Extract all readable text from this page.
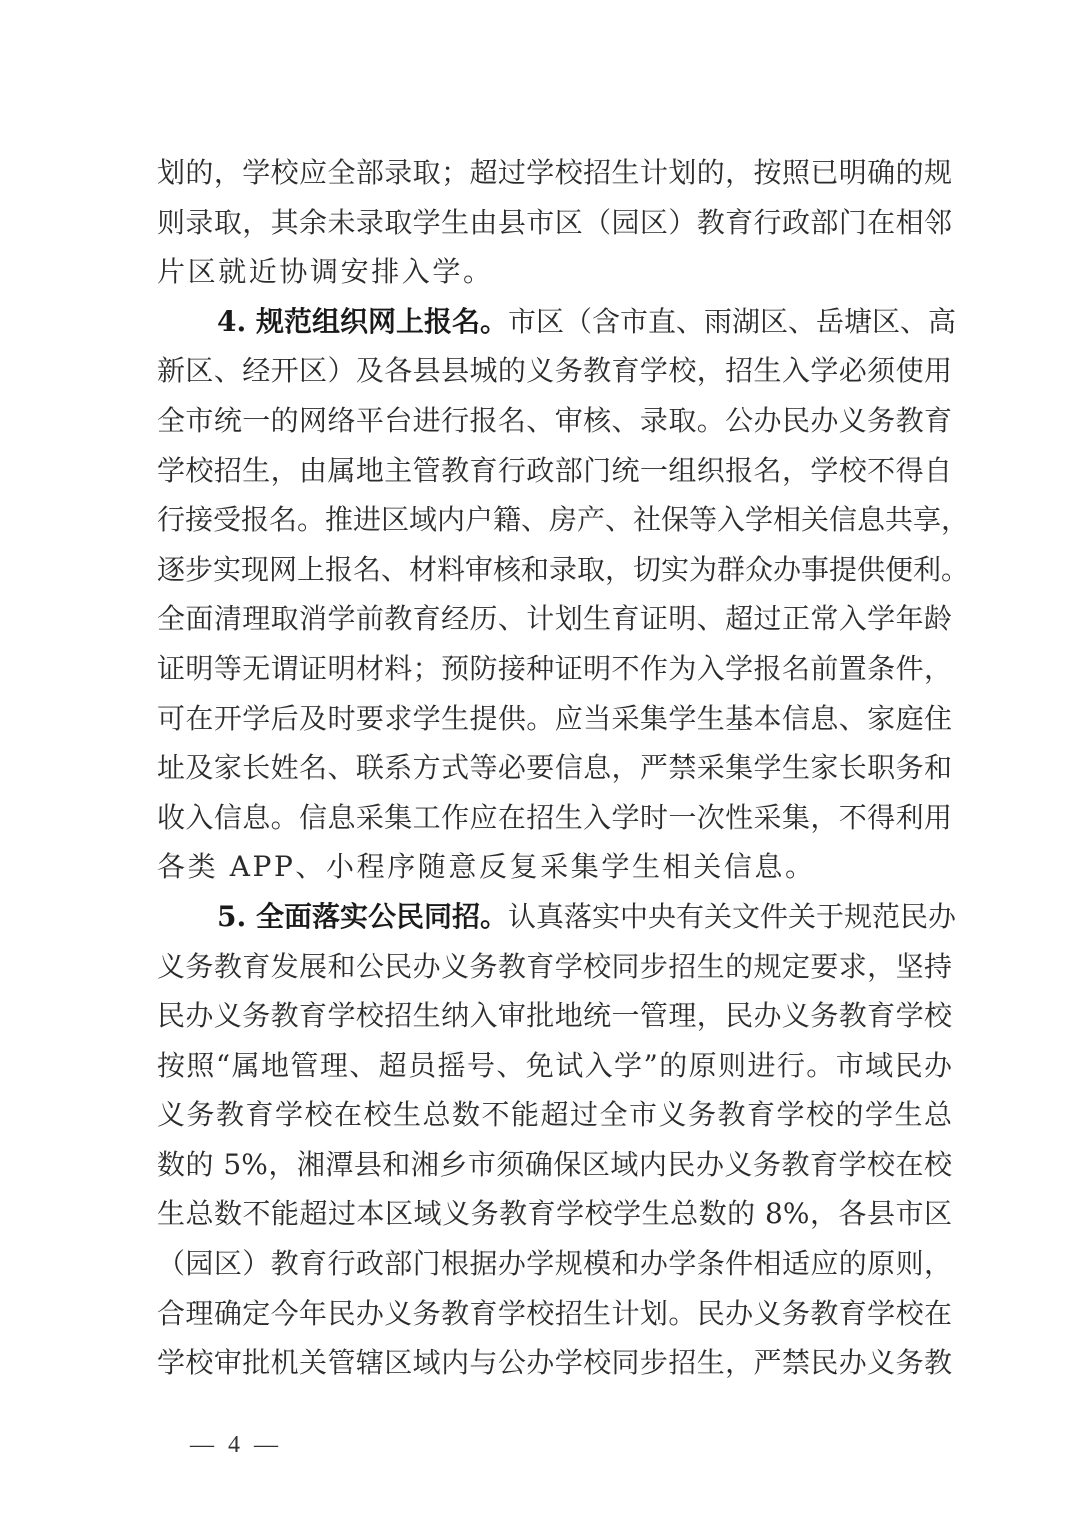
划的，学校应全部录取；超过学校招生计划的，按照已明确的规
则录取，其余未录取学生由县市区（园区）教育行政部门在相邻
片区就近协调安排入学。
4. 规范组织网上报名。市区（含市直、雨湖区、岳塘区、高
新区、经开区）及各县县城的义务教育学校，招生入学必须使用
全市统一的网络平台进行报名、审核、录取。公办民办义务教育
学校招生，由属地主管教育行政部门统一组织报名，学校不得自
行接受报名。推进区域内户籍、房产、社保等入学相关信息共享，
逐步实现网上报名、材料审核和录取，切实为群众办事提供便利。
全面清理取消学前教育经历、计划生育证明、超过正常入学年龄
证明等无谓证明材料；预防接种证明不作为入学报名前置条件，
可在开学后及时要求学生提供。应当采集学生基本信息、家庭住
址及家长姓名、联系方式等必要信息，严禁采集学生家长职务和
收入信息。信息采集工作应在招生入学时一次性采集，不得利用
各类 APP、小程序随意反复采集学生相关信息。
5. 全面落实公民同招。认真落实中央有关文件关于规范民办
义务教育发展和公民办义务教育学校同步招生的规定要求，坚持
民办义务教育学校招生纳入审批地统一管理，民办义务教育学校
按照“属地管理、超员摇号、免试入学”的原则进行。市域民办
义务教育学校在校生总数不能超过全市义务教育学校的学生总
数的 5%，湘潭县和湘乡市须确保区域内民办义务教育学校在校
生总数不能超过本区域义务教育学校学生总数的 8%，各县市区
（园区）教育行政部门根据办学规模和办学条件相适应的原则，
合理确定今年民办义务教育学校招生计划。民办义务教育学校在
学校审批机关管辖区域内与公办学校同步招生，严禁民办义务教
— 4 —
